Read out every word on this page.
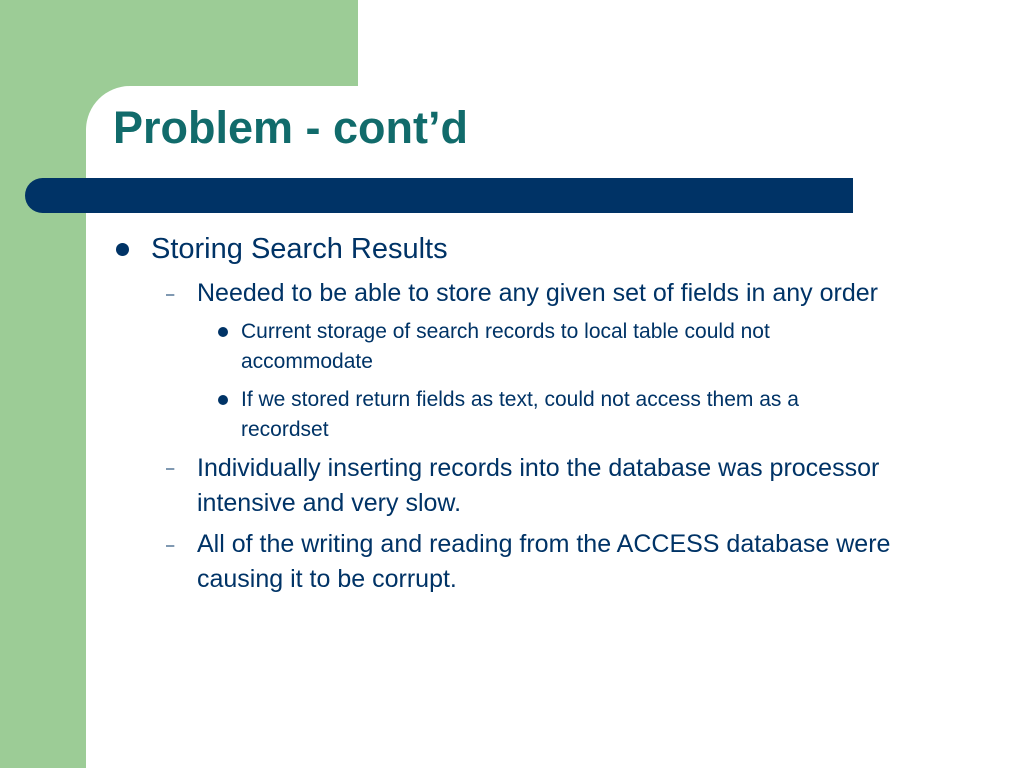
Problem - cont’d
Storing Search Results
– Needed to be able to store any given set of fields in any order
Current storage of search records to local table could not
accommodate
If we stored return fields as text, could not access them as a
recordset
– Individually inserting records into the database was processor
intensive and very slow.
– All of the writing and reading from the ACCESS database were
causing it to be corrupt.
